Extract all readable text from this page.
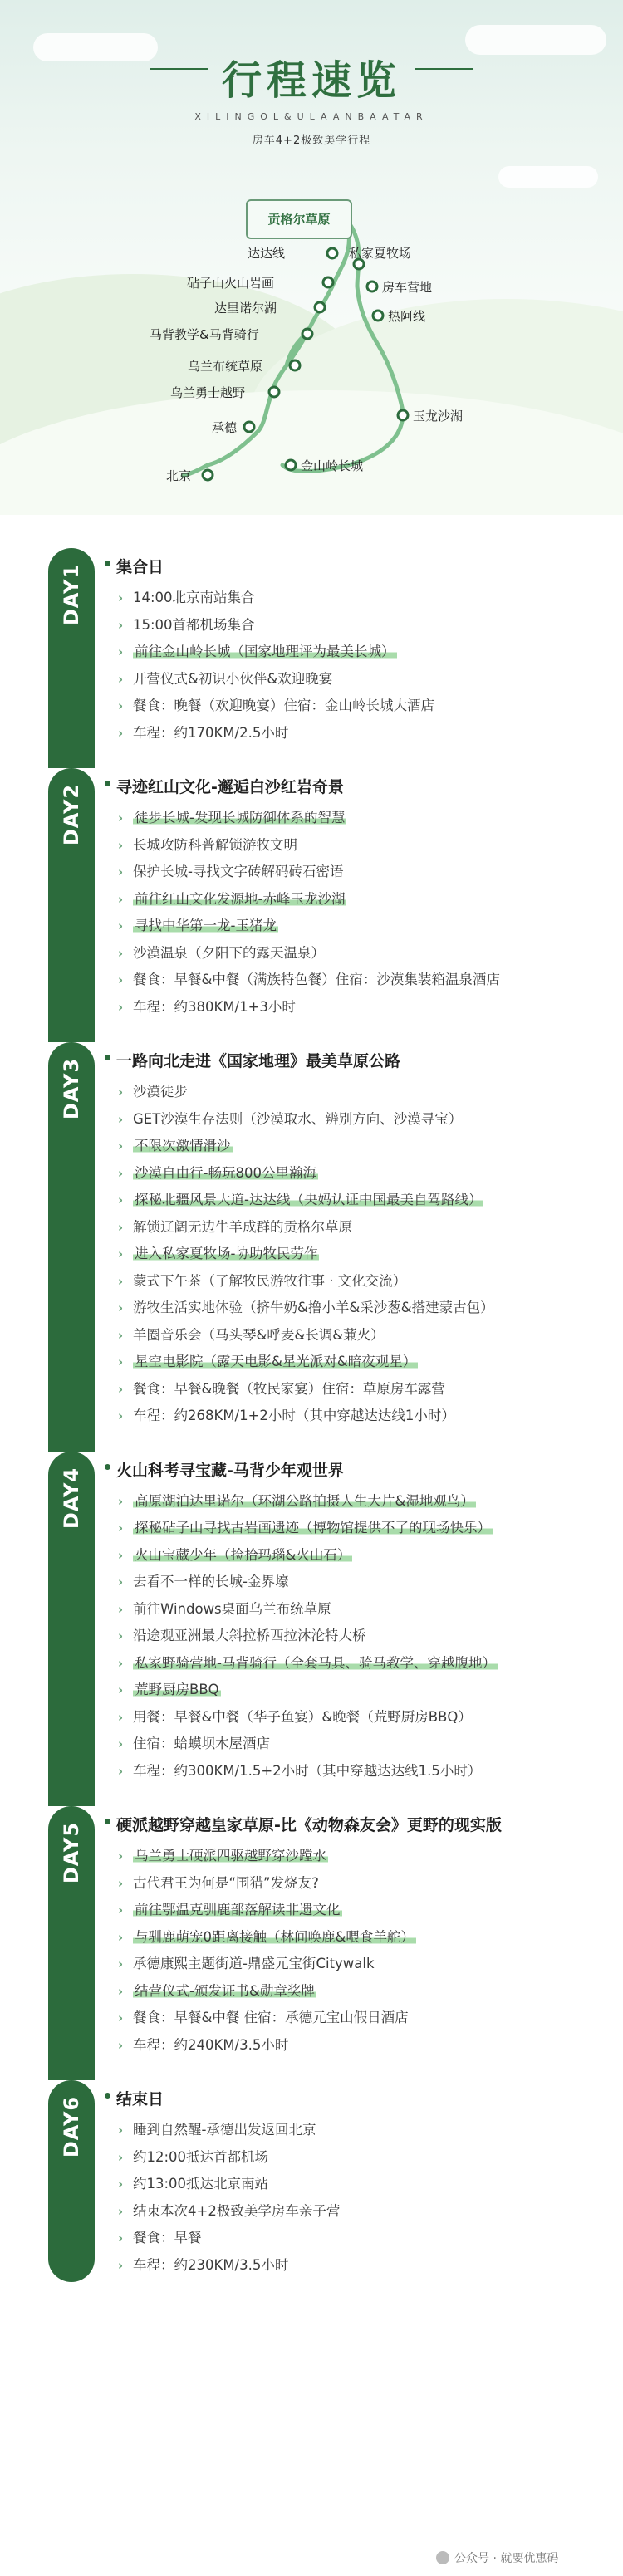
行程速览
XILINGOL&ULAANBAATAR
房车4+2极致美学行程
贡格尔草原
私家夏牧场
达达线
房车营地
砧子山火山岩画
达里诺尔湖
热阿线
马背教学&马背骑行
乌兰布统草原
乌兰勇士越野
玉龙沙湖
承德
金山岭长城
北京
DAY1 集合日
› 14:00北京南站集合
› 15:00首都机场集合
› 前往金山岭长城（国家地理评为最美长城）
› 开营仪式&初识小伙伴&欢迎晚宴
› 餐食：晚餐（欢迎晚宴）住宿：金山岭长城大酒店
› 车程：约170KM/2.5小时
DAY2 寻迹红山文化-邂逅白沙红岩奇景
› 徒步长城-发现长城防御体系的智慧
› 长城攻防科普解锁游牧文明
› 保护长城-寻找文字砖解码砖石密语
› 前往红山文化发源地-赤峰玉龙沙湖
› 寻找中华第一龙-玉猪龙
› 沙漠温泉（夕阳下的露天温泉）
› 餐食：早餐&中餐（满族特色餐）住宿：沙漠集装箱温泉酒店
› 车程：约380KM/1+3小时
DAY3 一路向北走进《国家地理》最美草原公路
› 沙漠徒步
› GET沙漠生存法则（沙漠取水、辨别方向、沙漠寻宝）
› 不限次激情滑沙
› 沙漠自由行-畅玩800公里瀚海
› 探秘北疆风景大道-达达线（央妈认证中国最美自驾路线）
› 解锁辽阔无边牛羊成群的贡格尔草原
› 进入私家夏牧场-协助牧民劳作
› 蒙式下午茶（了解牧民游牧往事 · 文化交流）
› 游牧生活实地体验（挤牛奶&撸小羊&采沙葱&搭建蒙古包）
› 羊圈音乐会（马头琴&呼麦&长调&蒹火）
› 星空电影院（露天电影&星光派对&暗夜观星）
› 餐食：早餐&晚餐（牧民家宴）住宿：草原房车露营
› 车程：约268KM/1+2小时（其中穿越达达线1小时）
DAY4 火山科考寻宝藏-马背少年观世界
› 高原湖泊达里诺尔（环湖公路拍摄人生大片&湿地观鸟）
› 探秘砧子山寻找古岩画遗迹（博物馆提供不了的现场快乐）
› 火山宝藏少年（捡拾玛瑙&火山石）
› 去看不一样的长城-金界壕
› 前往Windows桌面乌兰布统草原
› 沿途观亚洲最大斜拉桥西拉沐沦特大桥
› 私家野骑营地-马背骑行（全套马具、骑马教学、穿越腹地）
› 荒野厨房BBQ
› 用餐：早餐&中餐（华子鱼宴）&晚餐（荒野厨房BBQ）
› 住宿：蛤蟆坝木屋酒店
› 车程：约300KM/1.5+2小时（其中穿越达达线1.5小时）
DAY5 硬派越野穿越皇家草原-比《动物森友会》更野的现实版
› 乌兰勇士硬派四驱越野穿沙蹚水
› 古代君王为何是“围猎”发烧友?
› 前往鄂温克驯鹿部落解读非遗文化
› 与驯鹿萌宠0距离接触（林间唤鹿&喂食羊舵）
› 承德康熙主题街道-鼎盛元宝街Citywalk
› 结营仪式-颁发证书&勋章奖牌
› 餐食：早餐&中餐 住宿：承德元宝山假日酒店
› 车程：约240KM/3.5小时
DAY6 结束日
› 睡到自然醒-承德出发返回北京
› 约12:00抵达首都机场
› 约13:00抵达北京南站
› 结束本次4+2极致美学房车亲子营
› 餐食：早餐
› 车程：约230KM/3.5小时
公众号 · 就要优惠码
